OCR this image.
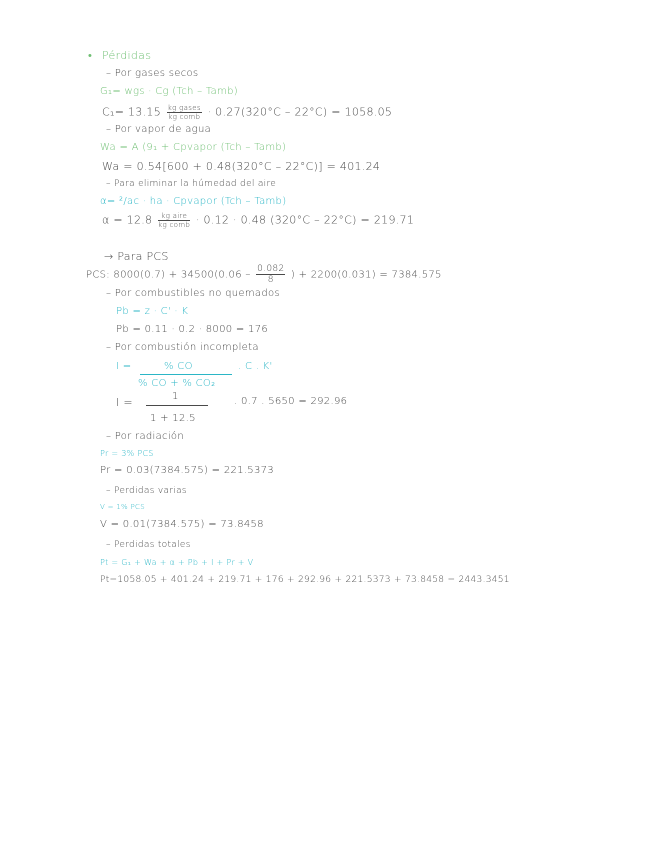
• Pérdidas
– Por gases secos
G₁= wgs · Cg (Tch – Tamb)
$C_1= 13.15 \frac{\text{kg gases}}{\text{kg comb}} \cdot 0.27(320^\circ C - 22^\circ C) = 1058.05$
– Por vapor de agua
Wa = A (9₁ + Cpvapor (Tch – Tamb)
Wa = 0.54[600 + 0.48(320°C – 22°C)] = 401.24
– Para eliminar la húmedad del aire
α= ²/ac · ha · Cpvapor (Tch – Tamb)
$\alpha = 12.8 \frac{\text{kg aire}}{\text{kg comb}} \cdot 0.12 \cdot 0.48$ (320°C – 22°C) = 219.71
→ Para PCS
PCS: $8000(0.7) + 34500(0.06 - \frac{0.082}{8}$ ) + 2200(0.031) = 7384.575
– Por combustibles no quemados
Pb = z · C' · K
Pb = 0.11 · 0.2 · 8000 = 176
– Por combustión incompleta
I =	% CO	. C . K'
% CO + % CO₂
I =	1	. 0.7 . 5650 = 292.96
1 + 12.5
– Por radiación
Pr = 3% PCS
Pr = 0.03(7384.575) = 221.5373
– Perdidas varias
V = 1% PCS
V = 0.01(7384.575) = 73.8458
– Perdidas totales
Pt = G₁ + Wa + α + Pb + I + Pr + V
Pt=1058.05 + 401.24 + 219.71 + 176 + 292.96 + 221.5373 + 73.8458 = 2443.3451
